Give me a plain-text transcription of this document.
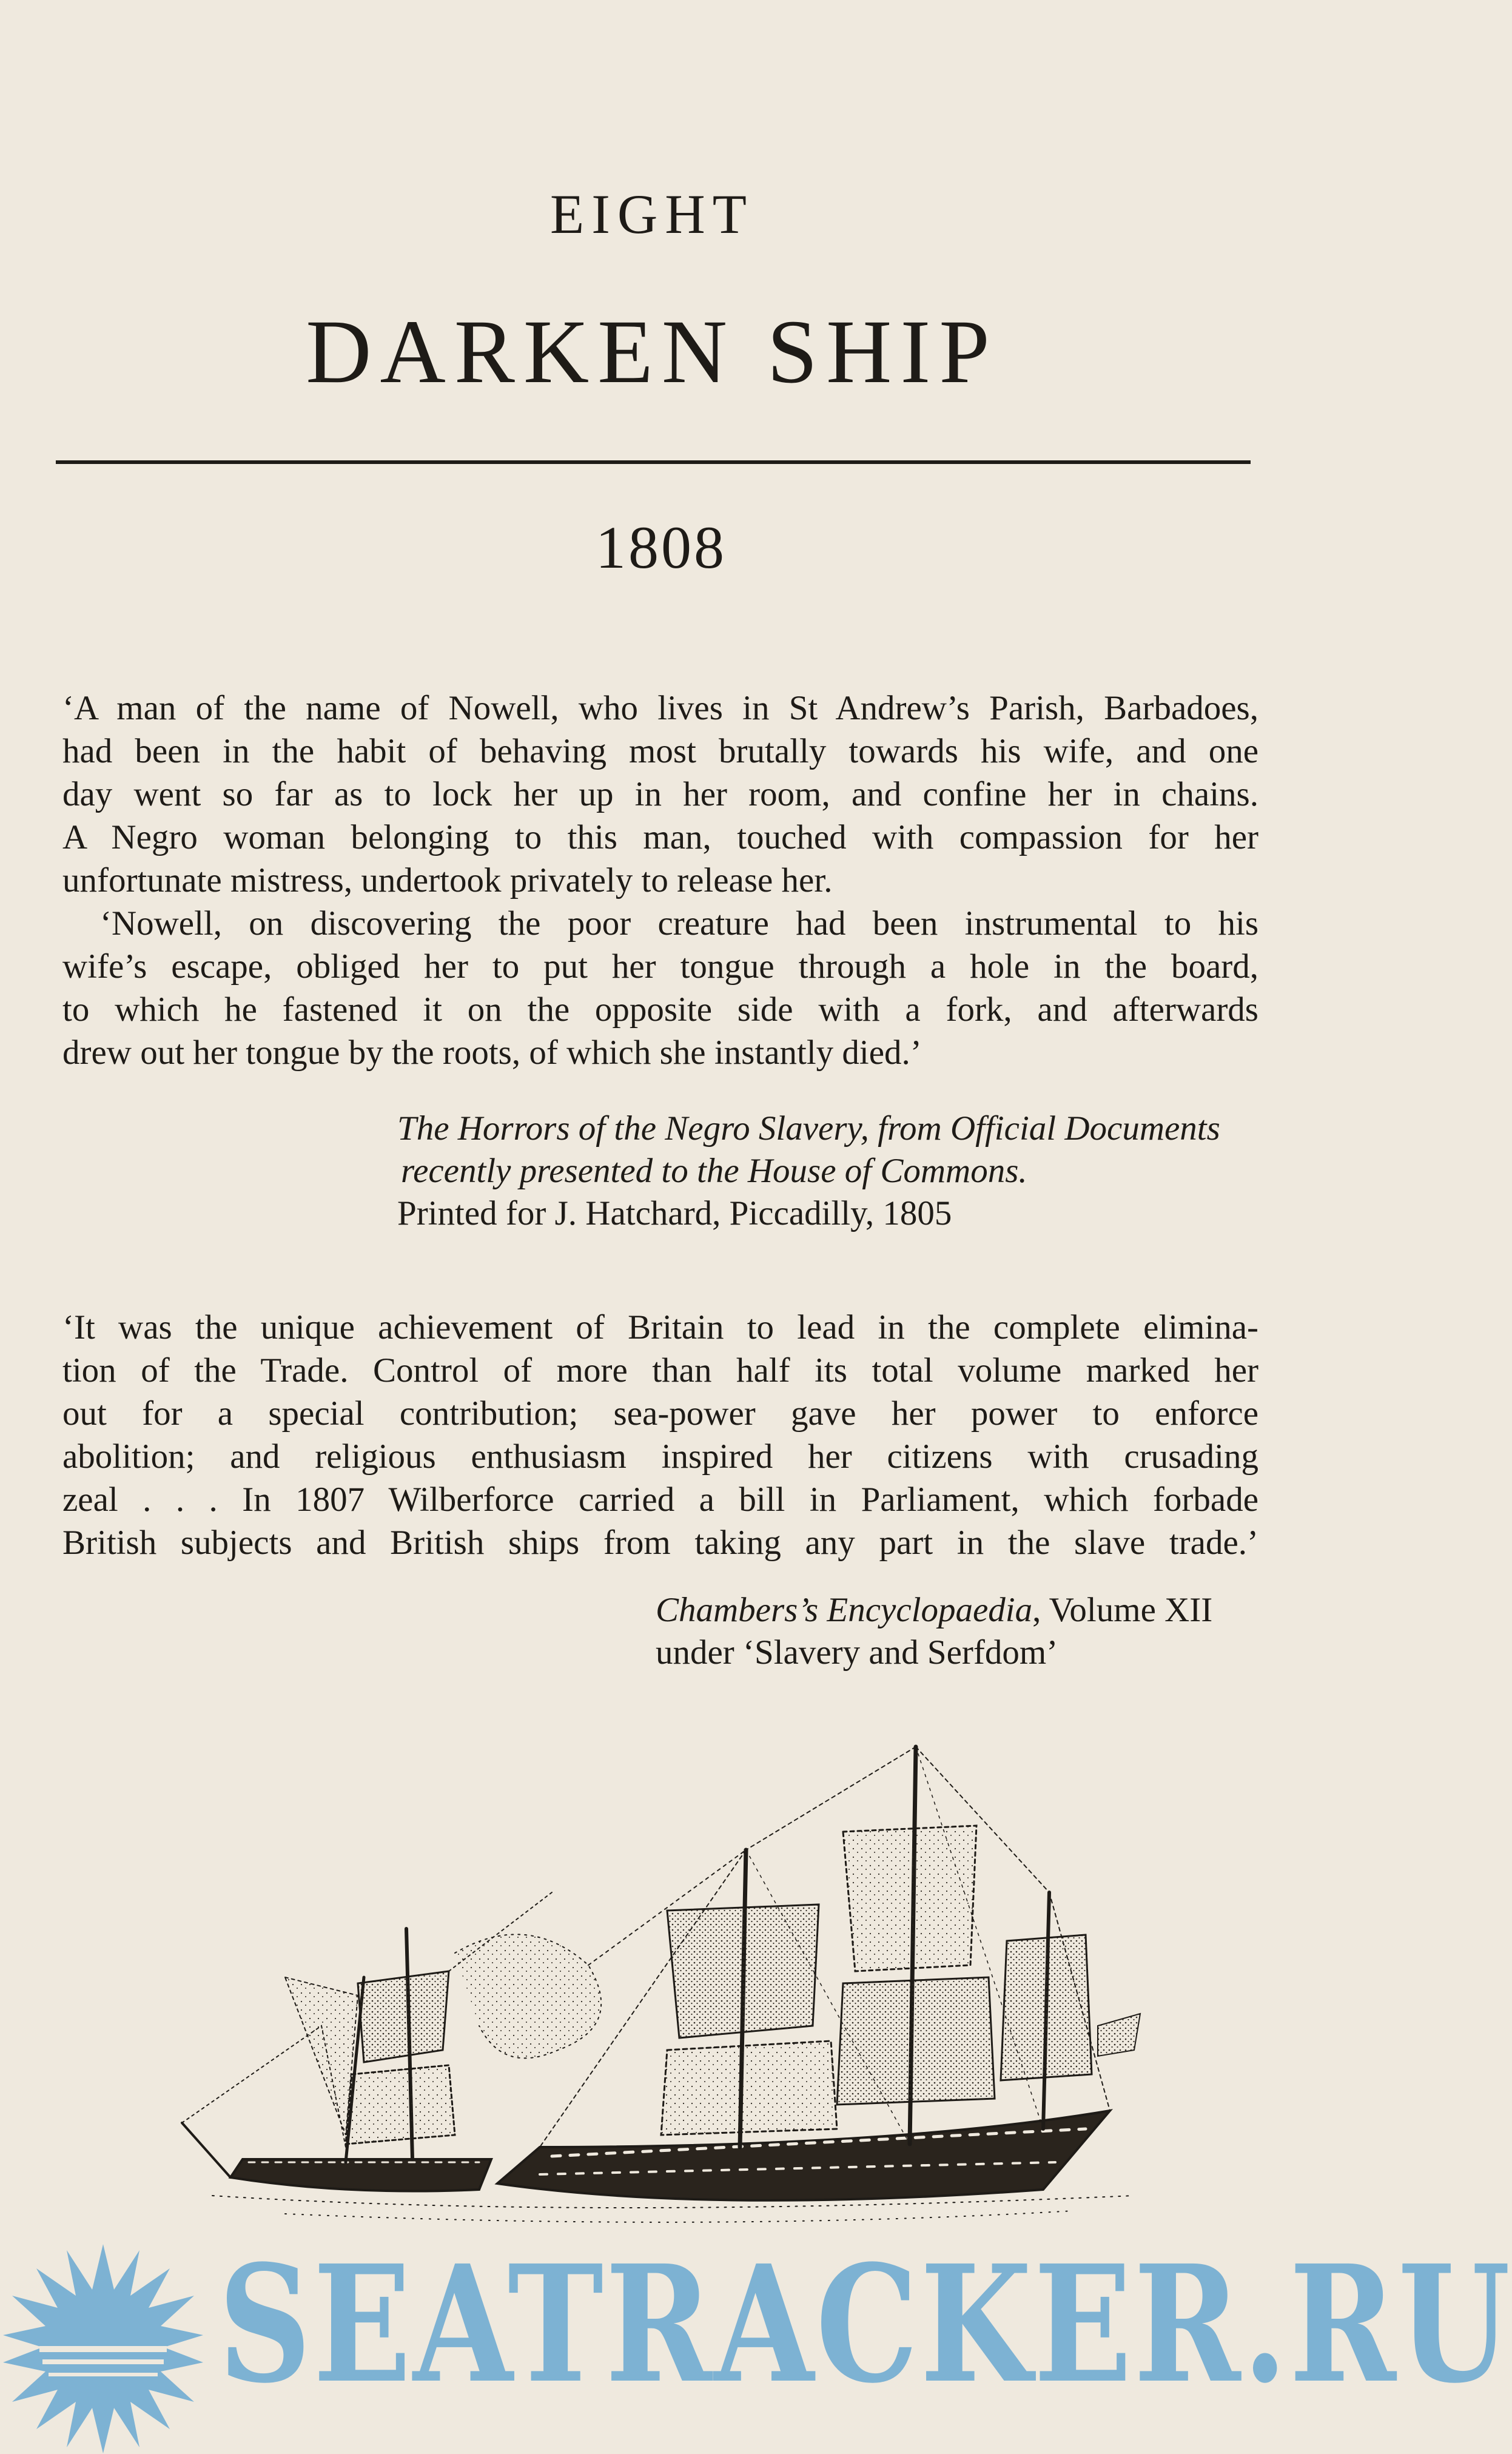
EIGHT
DARKEN SHIP
1808

‘A man of the name of Nowell, who lives in St Andrew’s Parish, Barbadoes,
had been in the habit of behaving most brutally towards his wife, and one
day went so far as to lock her up in her room, and confine her in chains.
A Negro woman belonging to this man, touched with compassion for her
unfortunate mistress, undertook privately to release her.

‘Nowell, on discovering the poor creature had been instrumental to his
wife’s escape, obliged her to put her tongue through a hole in the board,
to which he fastened it on the opposite side with a fork, and afterwards
drew out her tongue by the roots, of which she instantly died.’

The Horrors of the Negro Slavery, from Official Documents
recently presented to the House of Commons.
Printed for J. Hatchard, Piccadilly, 1805

‘It was the unique achievement of Britain to lead in the complete elimina-
tion of the Trade. Control of more than half its total volume marked her
out for a special contribution; sea-power gave her power to enforce
abolition; and religious enthusiasm inspired her citizens with crusading
zeal . . . In 1807 Wilberforce carried a bill in Parliament, which forbade
British subjects and British ships from taking any part in the slave trade.’

Chambers’s Encyclopaedia, Volume XII
under ‘Slavery and Serfdom’
SEATRACKER.RU
